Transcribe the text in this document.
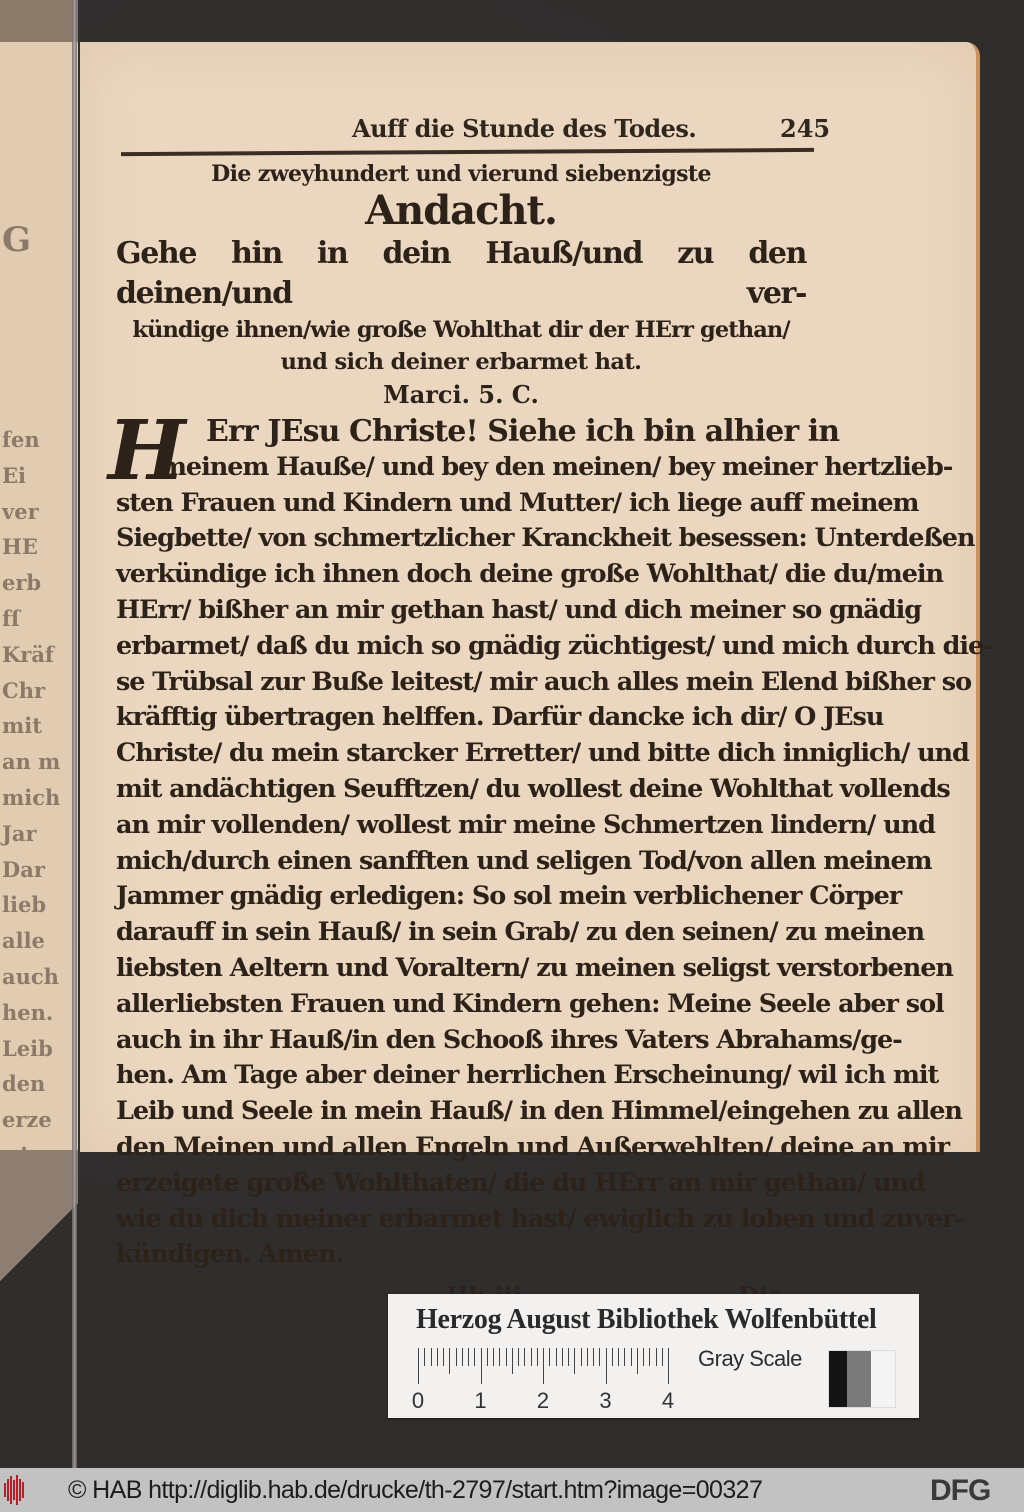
G
fen
Ei
ver
HE
erb
fſ
Kräf
Chr
mit
an m
mich
Jar
Dar
lieb
alle
auch
hen.
Leib
den
erze
Auff die Stunde des Todes.	245
Die zweyhundert und vierund siebenzigste
Andacht.
Gehe hin in dein Hauß/und zu den deinen/und ver-
kündige ihnen/wie große Wohlthat dir der HErr gethan/
und sich deiner erbarmet hat.
Marci. 5. C.
H Err JEsu Christe! Siehe ich bin alhier in
meinem Hauße/ und bey den meinen/ bey meiner hertzlieb-
sten Frauen und Kindern und Mutter/ ich liege auff meinem
Siegbette/ von schmertzlicher Kranckheit besessen: Unterdeßen
verkündige ich ihnen doch deine große Wohlthat/ die du/mein
HErr/ bißher an mir gethan hast/ und dich meiner so gnädig
erbarmet/ daß du mich so gnädig züchtigest/ und mich durch die-
se Trübsal zur Buße leitest/ mir auch alles mein Elend bißher so
kräfftig übertragen helffen. Darfür dancke ich dir/ O JEsu
Christe/ du mein starcker Erretter/ und bitte dich inniglich/ und
mit andächtigen Seufftzen/ du wollest deine Wohlthat vollends
an mir vollenden/ wollest mir meine Schmertzen lindern/ und
mich/durch einen sanfften und seligen Tod/von allen meinem
Jammer gnädig erledigen: So sol mein verblichener Cörper
darauff in sein Hauß/ in sein Grab/ zu den seinen/ zu meinen
liebsten Aeltern und Voraltern/ zu meinen seligst verstorbenen
allerliebsten Frauen und Kindern gehen: Meine Seele aber sol
auch in ihr Hauß/in den Schooß ihres Vaters Abrahams/ge-
hen. Am Tage aber deiner herrlichen Erscheinung/ wil ich mit
Leib und Seele in mein Hauß/ in den Himmel/eingehen zu allen
den Meinen und allen Engeln und Außerwehlten/ deine an mir
erzeigete große Wohlthaten/ die du HErr an mir gethan/ und
wie du dich meiner erbarmet hast/ ewiglich zu loben und zuver-
kündigen. Amen.
Herzog August Bibliothek Wolfenbüttel
0 1 2 3 4
Gray Scale
© HAB http://diglib.hab.de/drucke/th-2797/start.htm?image=00327	DFG
